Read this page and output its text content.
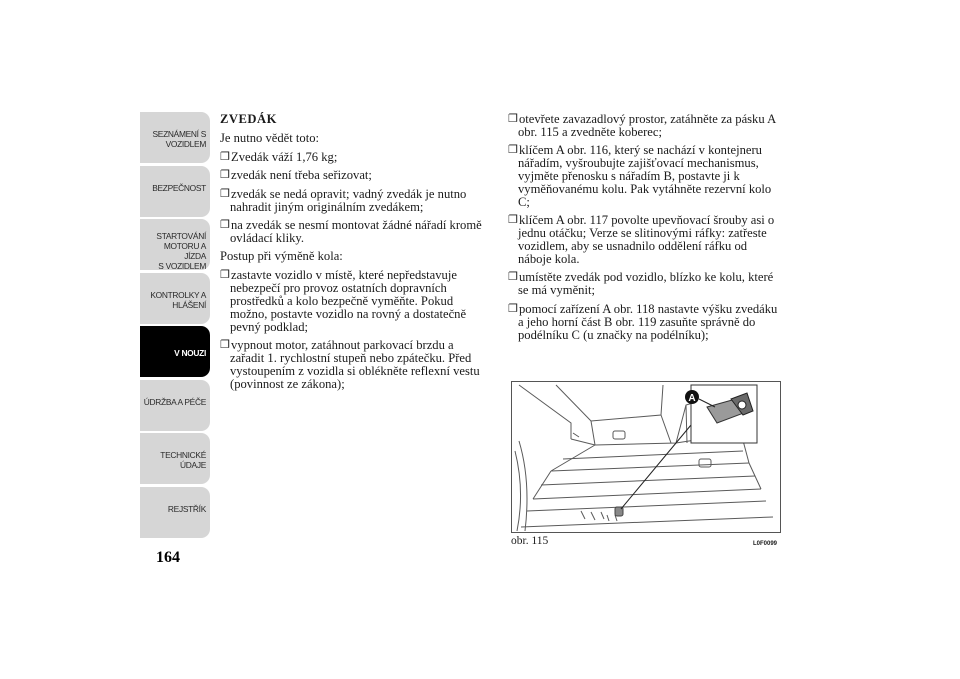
SEZNÁMENÍ S
VOZIDLEM
BEZPEČNOST
STARTOVÁNÍ
MOTORU A JÍZDA
S VOZIDLEM
KONTROLKY A
HLÁŠENÍ
V NOUZI
ÚDRŽBA A PÉČE
TECHNICKÉ
ÚDAJE
REJSTŘÍK
164
ZVEDÁK
Je nutno vědět toto:
❐ Zvedák váží 1,76 kg;
❐ zvedák není třeba seřizovat;
❐ zvedák se nedá opravit; vadný zvedák je nutno nahradit jiným originálním zvedákem;
❐ na zvedák se nesmí montovat žádné nářadí kromě ovládací kliky.
Postup při výměně kola:
❐ zastavte vozidlo v místě, které nepředstavuje nebezpečí pro provoz ostatních dopravních prostředků a kolo bezpečně vyměňte. Pokud možno, postavte vozidlo na rovný a dostatečně pevný podklad;
❐ vypnout motor, zatáhnout parkovací brzdu a zařadit 1. rychlostní stupeň nebo zpátečku. Před vystoupením z vozidla si oblékněte reflexní vestu (povinnost ze zákona);
❐ otevřete zavazadlový prostor, zatáhněte za pásku A obr. 115 a zvedněte koberec;
❐ klíčem A obr. 116, který se nachází v kontejneru nářadím, vyšroubujte zajišťovací mechanismus, vyjměte přenosku s nářadím B, postavte ji k vyměňovanému kolu. Pak vytáhněte rezervní kolo C;
❐ klíčem A obr. 117 povolte upevňovací šrouby asi o jednu otáčku; Verze se slitinovými ráfky: zatřeste vozidlem, aby se usnadnilo oddělení ráfku od náboje kola.
❐ umístěte zvedák pod vozidlo, blízko ke kolu, které se má vyměnit;
❐ pomocí zařízení A obr. 118 nastavte výšku zvedáku a jeho horní část B obr. 119 zasuňte správně do podélníku C (u značky na podélníku);
A
obr. 115	L0F0099
